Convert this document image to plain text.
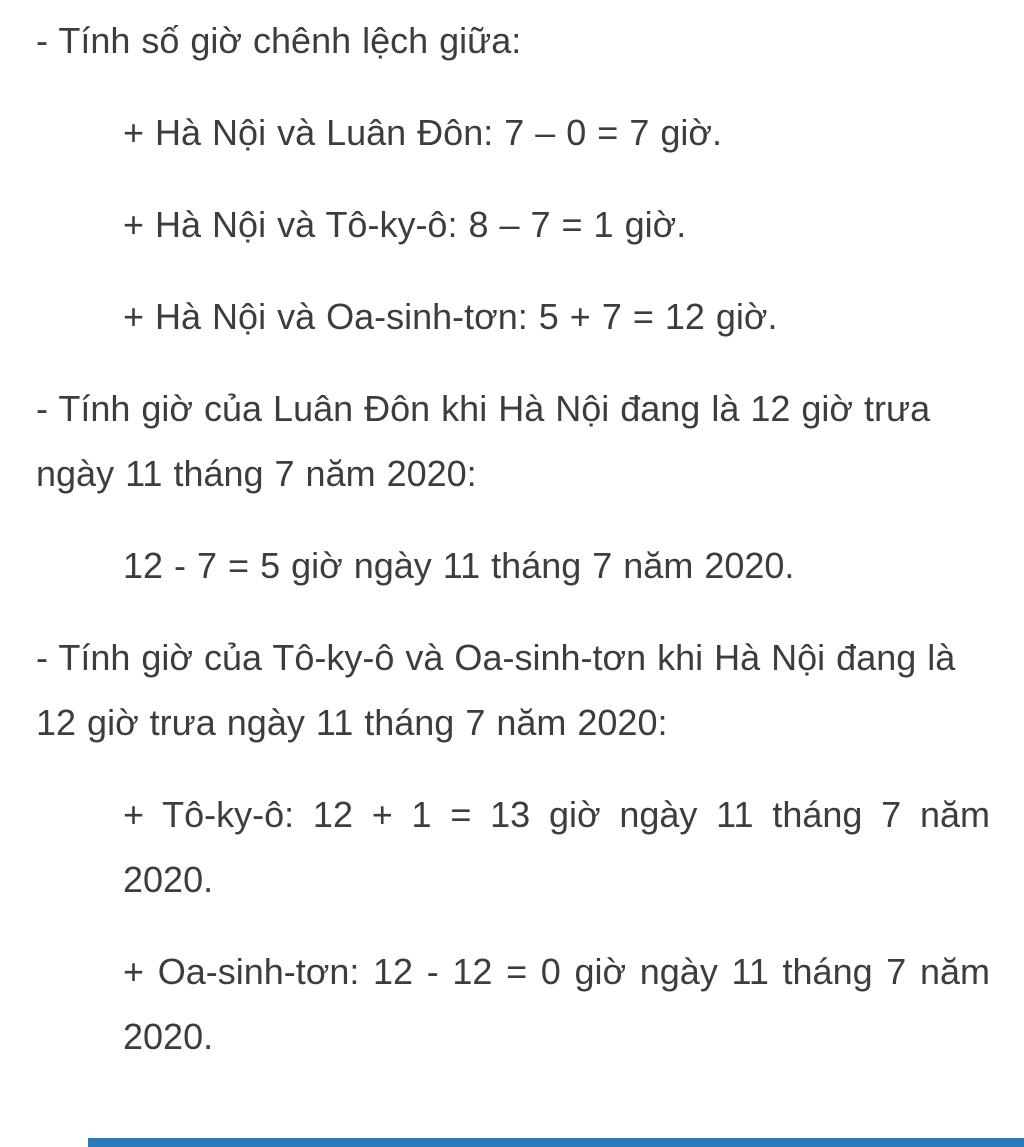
- Tính số giờ chênh lệch giữa:

+ Hà Nội và Luân Đôn: 7 – 0 = 7 giờ.

+ Hà Nội và Tô-ky-ô: 8 – 7 = 1 giờ.

+ Hà Nội và Oa-sinh-tơn: 5 + 7 = 12 giờ.

- Tính giờ của Luân Đôn khi Hà Nội đang là 12 giờ trưa ngày 11 tháng 7 năm 2020:

12 - 7 = 5 giờ ngày 11 tháng 7 năm 2020.

- Tính giờ của Tô-ky-ô và Oa-sinh-tơn khi Hà Nội đang là 12 giờ trưa ngày 11 tháng 7 năm 2020:

+ Tô-ky-ô: 12 + 1 = 13 giờ ngày 11 tháng 7 năm 2020.

+ Oa-sinh-tơn: 12 - 12 = 0 giờ ngày 11 tháng 7 năm 2020.
